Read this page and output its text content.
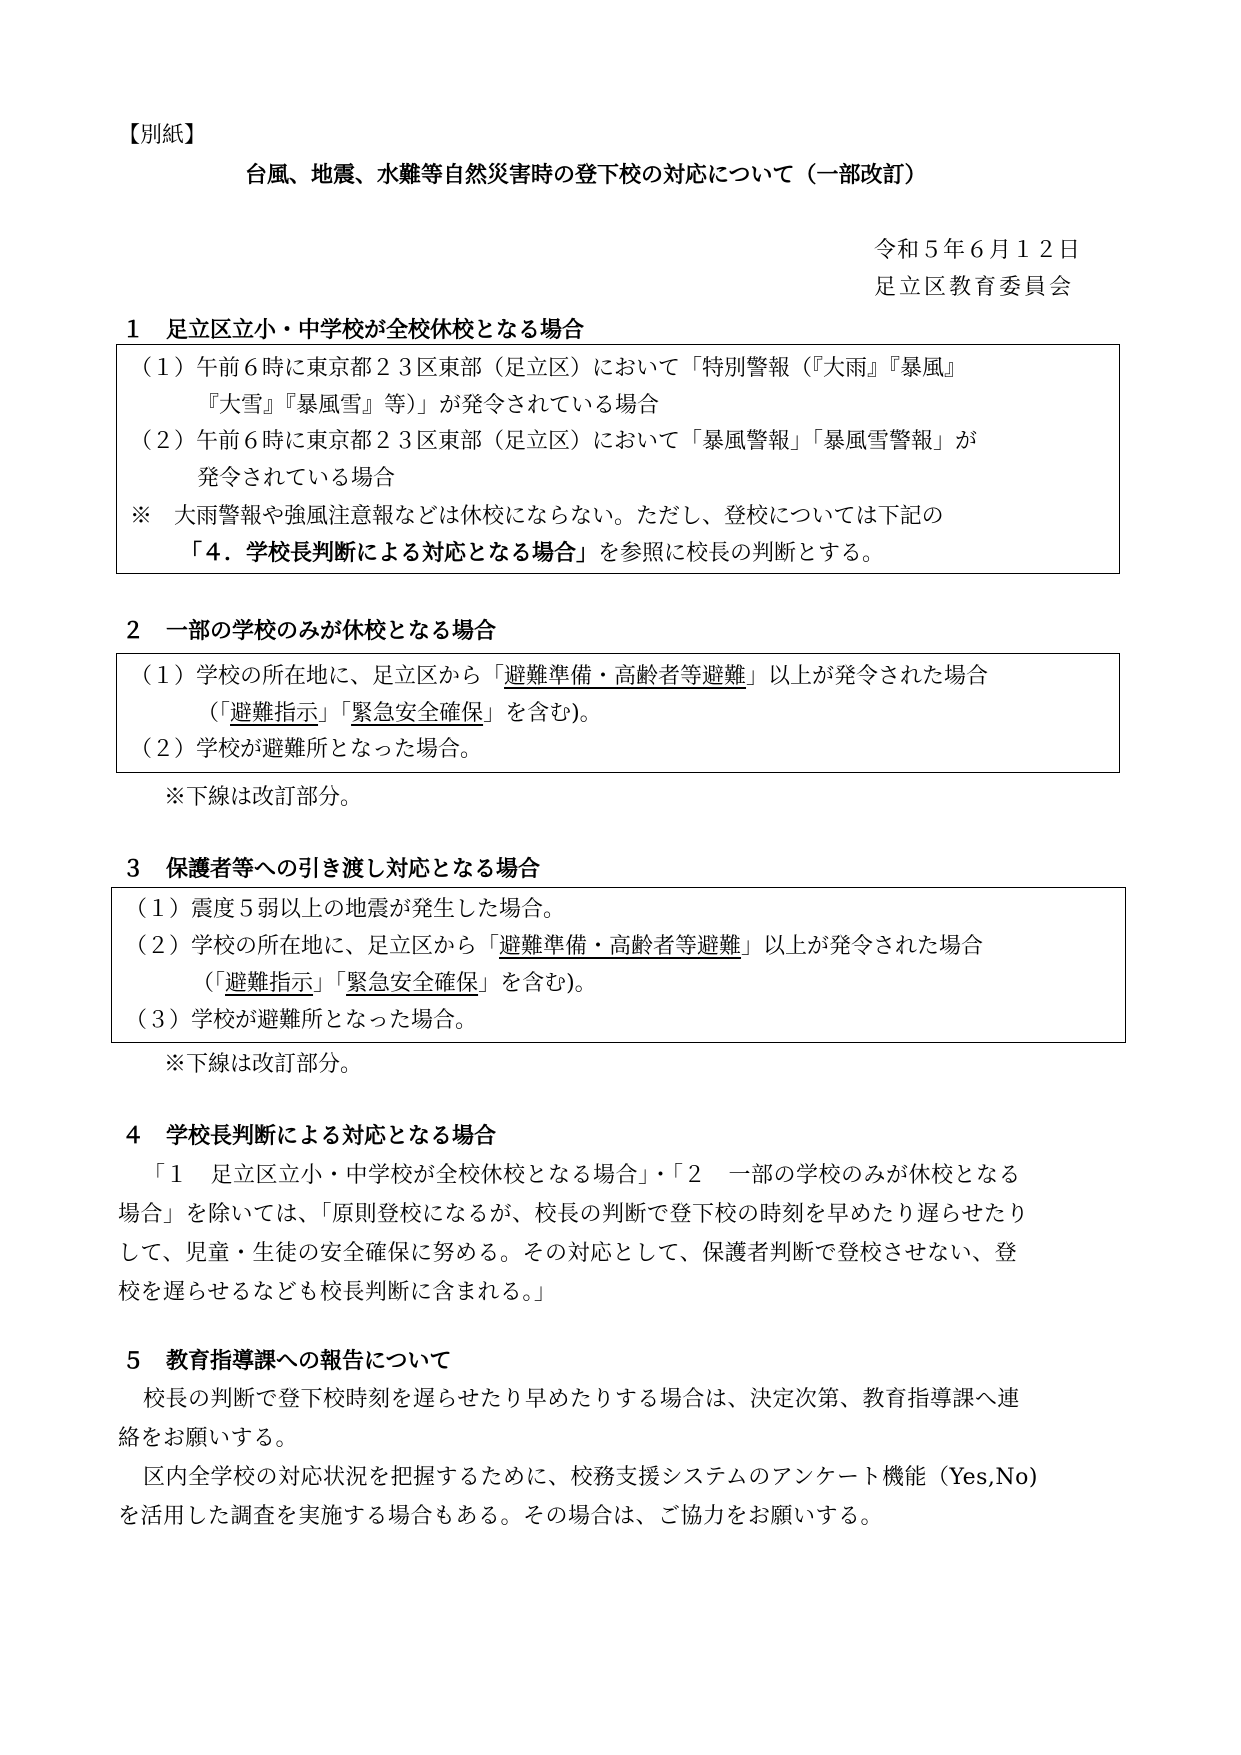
【別紙】
台風、地震、水難等自然災害時の登下校の対応について（一部改訂）
令和５年６月１２日
足立区教育委員会
１　足立区立小・中学校が全校休校となる場合
（１）午前６時に東京都２３区東部（足立区）において「特別警報（『大雨』『暴風』
『大雪』『暴風雪』等）」が発令されている場合
（２）午前６時に東京都２３区東部（足立区）において「暴風警報」「暴風雪警報」が
発令されている場合
※　大雨警報や強風注意報などは休校にならない。ただし、登校については下記の
「４．学校長判断による対応となる場合」を参照に校長の判断とする。
２　一部の学校のみが休校となる場合
（１）学校の所在地に、足立区から「避難準備・高齢者等避難」以上が発令された場合
（「避難指示」「緊急安全確保」を含む)。
（２）学校が避難所となった場合。
※下線は改訂部分。
３　保護者等への引き渡し対応となる場合
（１）震度５弱以上の地震が発生した場合。
（２）学校の所在地に、足立区から「避難準備・高齢者等避難」以上が発令された場合
（「避難指示」「緊急安全確保」を含む)。
（３）学校が避難所となった場合。
※下線は改訂部分。
４　学校長判断による対応となる場合
「１　足立区立小・中学校が全校休校となる場合」・「２　一部の学校のみが休校となる
場合」を除いては、「原則登校になるが、校長の判断で登下校の時刻を早めたり遅らせたり
して、児童・生徒の安全確保に努める。その対応として、保護者判断で登校させない、登
校を遅らせるなども校長判断に含まれる。」
５　教育指導課への報告について
校長の判断で登下校時刻を遅らせたり早めたりする場合は、決定次第、教育指導課へ連
絡をお願いする。
区内全学校の対応状況を把握するために、校務支援システムのアンケート機能（Yes,No)
を活用した調査を実施する場合もある。その場合は、ご協力をお願いする。
